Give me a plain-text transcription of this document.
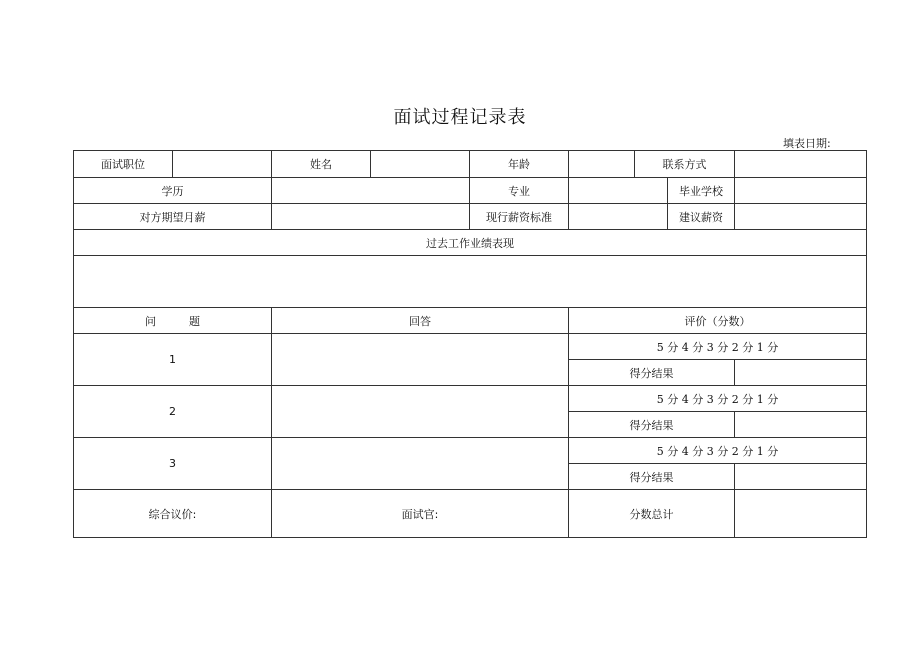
面试过程记录表
填表日期:
面试职位		姓名		年龄		联系方式		
学历				专业			毕业学校	
对方期望月薪				现行薪资标准			建议薪资	
过去工作业绩表现								

问　　　题		回答			评价（分数）			
1					5 分 4 分 3 分 2 分 1 分			
					得分结果			
2					5 分 4 分 3 分 2 分 1 分			
					得分结果			
3					5 分 4 分 3 分 2 分 1 分			
					得分结果			
综合议价:		面试官:			分数总计			
